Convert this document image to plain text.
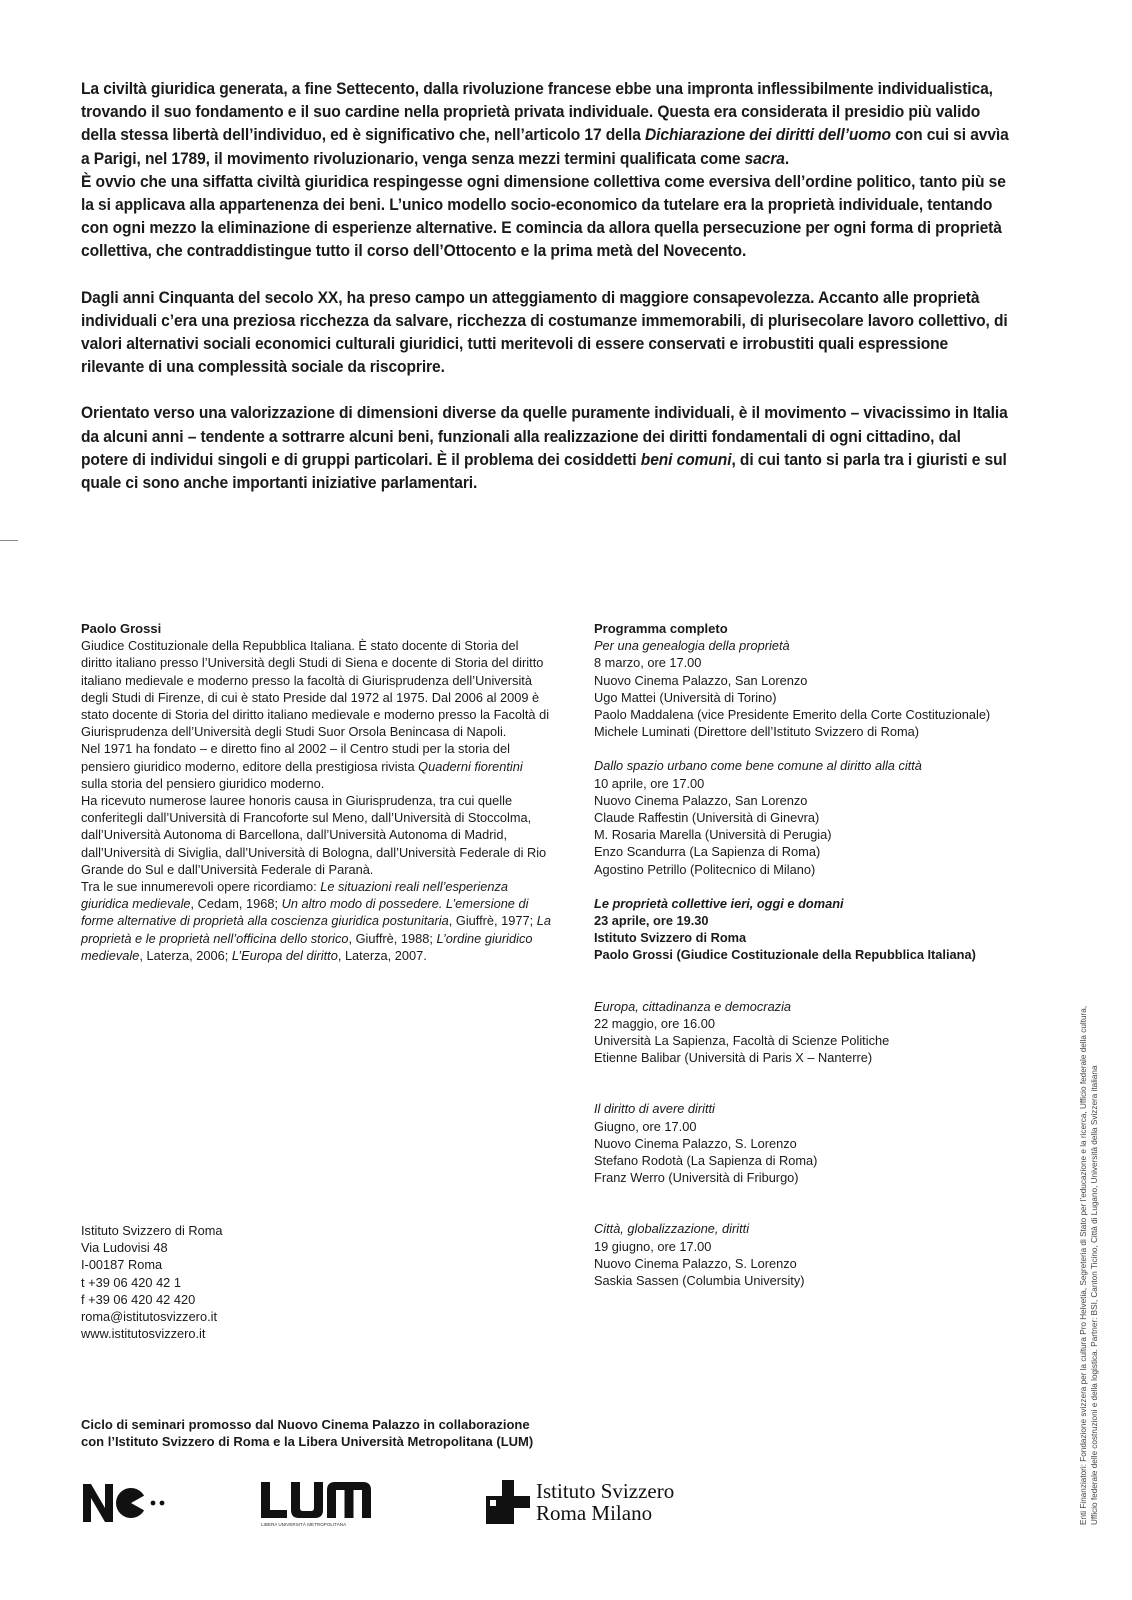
La civiltà giuridica generata, a fine Settecento, dalla rivoluzione francese ebbe una impronta inflessibilmente individualistica, trovando il suo fondamento e il suo cardine nella proprietà privata individuale. Questa era considerata il presidio più valido della stessa libertà dell’individuo, ed è significativo che, nell’articolo 17 della Dichiarazione dei diritti dell’uomo con cui si avvìa a Parigi, nel 1789, il movimento rivoluzionario, venga senza mezzi termini qualificata come sacra.

È ovvio che una siffatta civiltà giuridica respingesse ogni dimensione collettiva come eversiva dell’ordine politico, tanto più se la si applicava alla appartenenza dei beni. L’unico modello socio-economico da tutelare era la proprietà individuale, tentando con ogni mezzo la eliminazione di esperienze alternative. E comincia da allora quella persecuzione per ogni forma di proprietà collettiva, che contraddistingue tutto il corso dell’Ottocento e la prima metà del Novecento.

Dagli anni Cinquanta del secolo XX, ha preso campo un atteggiamento di maggiore consapevolezza. Accanto alle proprietà individuali c’era una preziosa ricchezza da salvare, ricchezza di costumanze immemorabili, di plurisecolare lavoro collettivo, di valori alternativi sociali economici culturali giuridici, tutti meritevoli di essere conservati e irrobustiti quali espressione rilevante di una complessità sociale da riscoprire.

Orientato verso una valorizzazione di dimensioni diverse da quelle puramente individuali, è il movimento – vivacissimo in Italia da alcuni anni – tendente a sottrarre alcuni beni, funzionali alla realizzazione dei diritti fondamentali di ogni cittadino, dal potere di individui singoli e di gruppi particolari. È il problema dei cosiddetti beni comuni, di cui tanto si parla tra i giuristi e sul quale ci sono anche importanti iniziative parlamentari.

Paolo Grossi

Giudice Costituzionale della Repubblica Italiana. È stato docente di Storia del diritto italiano presso l’Università degli Studi di Siena e docente di Storia del diritto italiano medievale e moderno presso la facoltà di Giurisprudenza dell’Università degli Studi di Firenze, di cui è stato Preside dal 1972 al 1975. Dal 2006 al 2009 è stato docente di Storia del diritto italiano medievale e moderno presso la Facoltà di Giurisprudenza dell’Università degli Studi Suor Orsola Benincasa di Napoli.
Nel 1971 ha fondato – e diretto fino al 2002 – il Centro studi per la storia del pensiero giuridico moderno, editore della prestigiosa rivista Quaderni fiorentini sulla storia del pensiero giuridico moderno.
Ha ricevuto numerose lauree honoris causa in Giurisprudenza, tra cui quelle conferitegli dall’Università di Francoforte sul Meno, dall’Università di Stoccolma, dall’Università Autonoma di Barcellona, dall’Università Autonoma di Madrid, dall’Università di Siviglia, dall’Università di Bologna, dall’Università Federale di Rio Grande do Sul e dall’Università Federale di Paranà.
Tra le sue innumerevoli opere ricordiamo: Le situazioni reali nell’esperienza giuridica medievale, Cedam, 1968; Un altro modo di possedere. L’emersione di forme alternative di proprietà alla coscienza giuridica postunitaria, Giuffrè, 1977; La proprietà e le proprietà nell’officina dello storico, Giuffrè, 1988; L’ordine giuridico medievale, Laterza, 2006; L’Europa del diritto, Laterza, 2007.

Programma completo
Per una genealogia della proprietà
8 marzo, ore 17.00
Nuovo Cinema Palazzo, San Lorenzo
Ugo Mattei (Università di Torino)
Paolo Maddalena (vice Presidente Emerito della Corte Costituzionale)
Michele Luminati (Direttore dell’Istituto Svizzero di Roma)
Dallo spazio urbano come bene comune al diritto alla città
10 aprile, ore 17.00
Nuovo Cinema Palazzo, San Lorenzo
Claude Raffestin (Università di Ginevra)
M. Rosaria Marella (Università di Perugia)
Enzo Scandurra (La Sapienza di Roma)
Agostino Petrillo (Politecnico di Milano)
Le proprietà collettive ieri, oggi e domani
23 aprile, ore 19.30
Istituto Svizzero di Roma
Paolo Grossi (Giudice Costituzionale della Repubblica Italiana)
Europa, cittadinanza e democrazia
22 maggio, ore 16.00
Università La Sapienza, Facoltà di Scienze Politiche
Etienne Balibar (Università di Paris X – Nanterre)
Il diritto di avere diritti
Giugno, ore 17.00
Nuovo Cinema Palazzo, S. Lorenzo
Stefano Rodotà (La Sapienza di Roma)
Franz Werro (Università di Friburgo)
Città, globalizzazione, diritti
19 giugno, ore 17.00
Nuovo Cinema Palazzo, S. Lorenzo
Saskia Sassen (Columbia University)
Istituto Svizzero di Roma
Via Ludovisi 48
I-00187 Roma
t +39 06 420 42 1
f +39 06 420 42 420
roma@istitutosvizzero.it
www.istitutosvizzero.it
Ciclo di seminari promosso dal Nuovo Cinema Palazzo in collaborazione
con l’Istituto Svizzero di Roma e la Libera Università Metropolitana (LUM)
LIBERA UNIVERSITÀ METROPOLITANA
Istituto Svizzero
Roma Milano	Enti Finanziatori: Fondazione svizzera per la cultura Pro Helvetia, Segreteria di Stato per l’educazione e la ricerca, Ufficio federale della cultura, Ufficio federale delle costruzioni e della logistica. Partner: BSI, Canton Ticino, Città di Lugano, Università della Svizzera italiana
